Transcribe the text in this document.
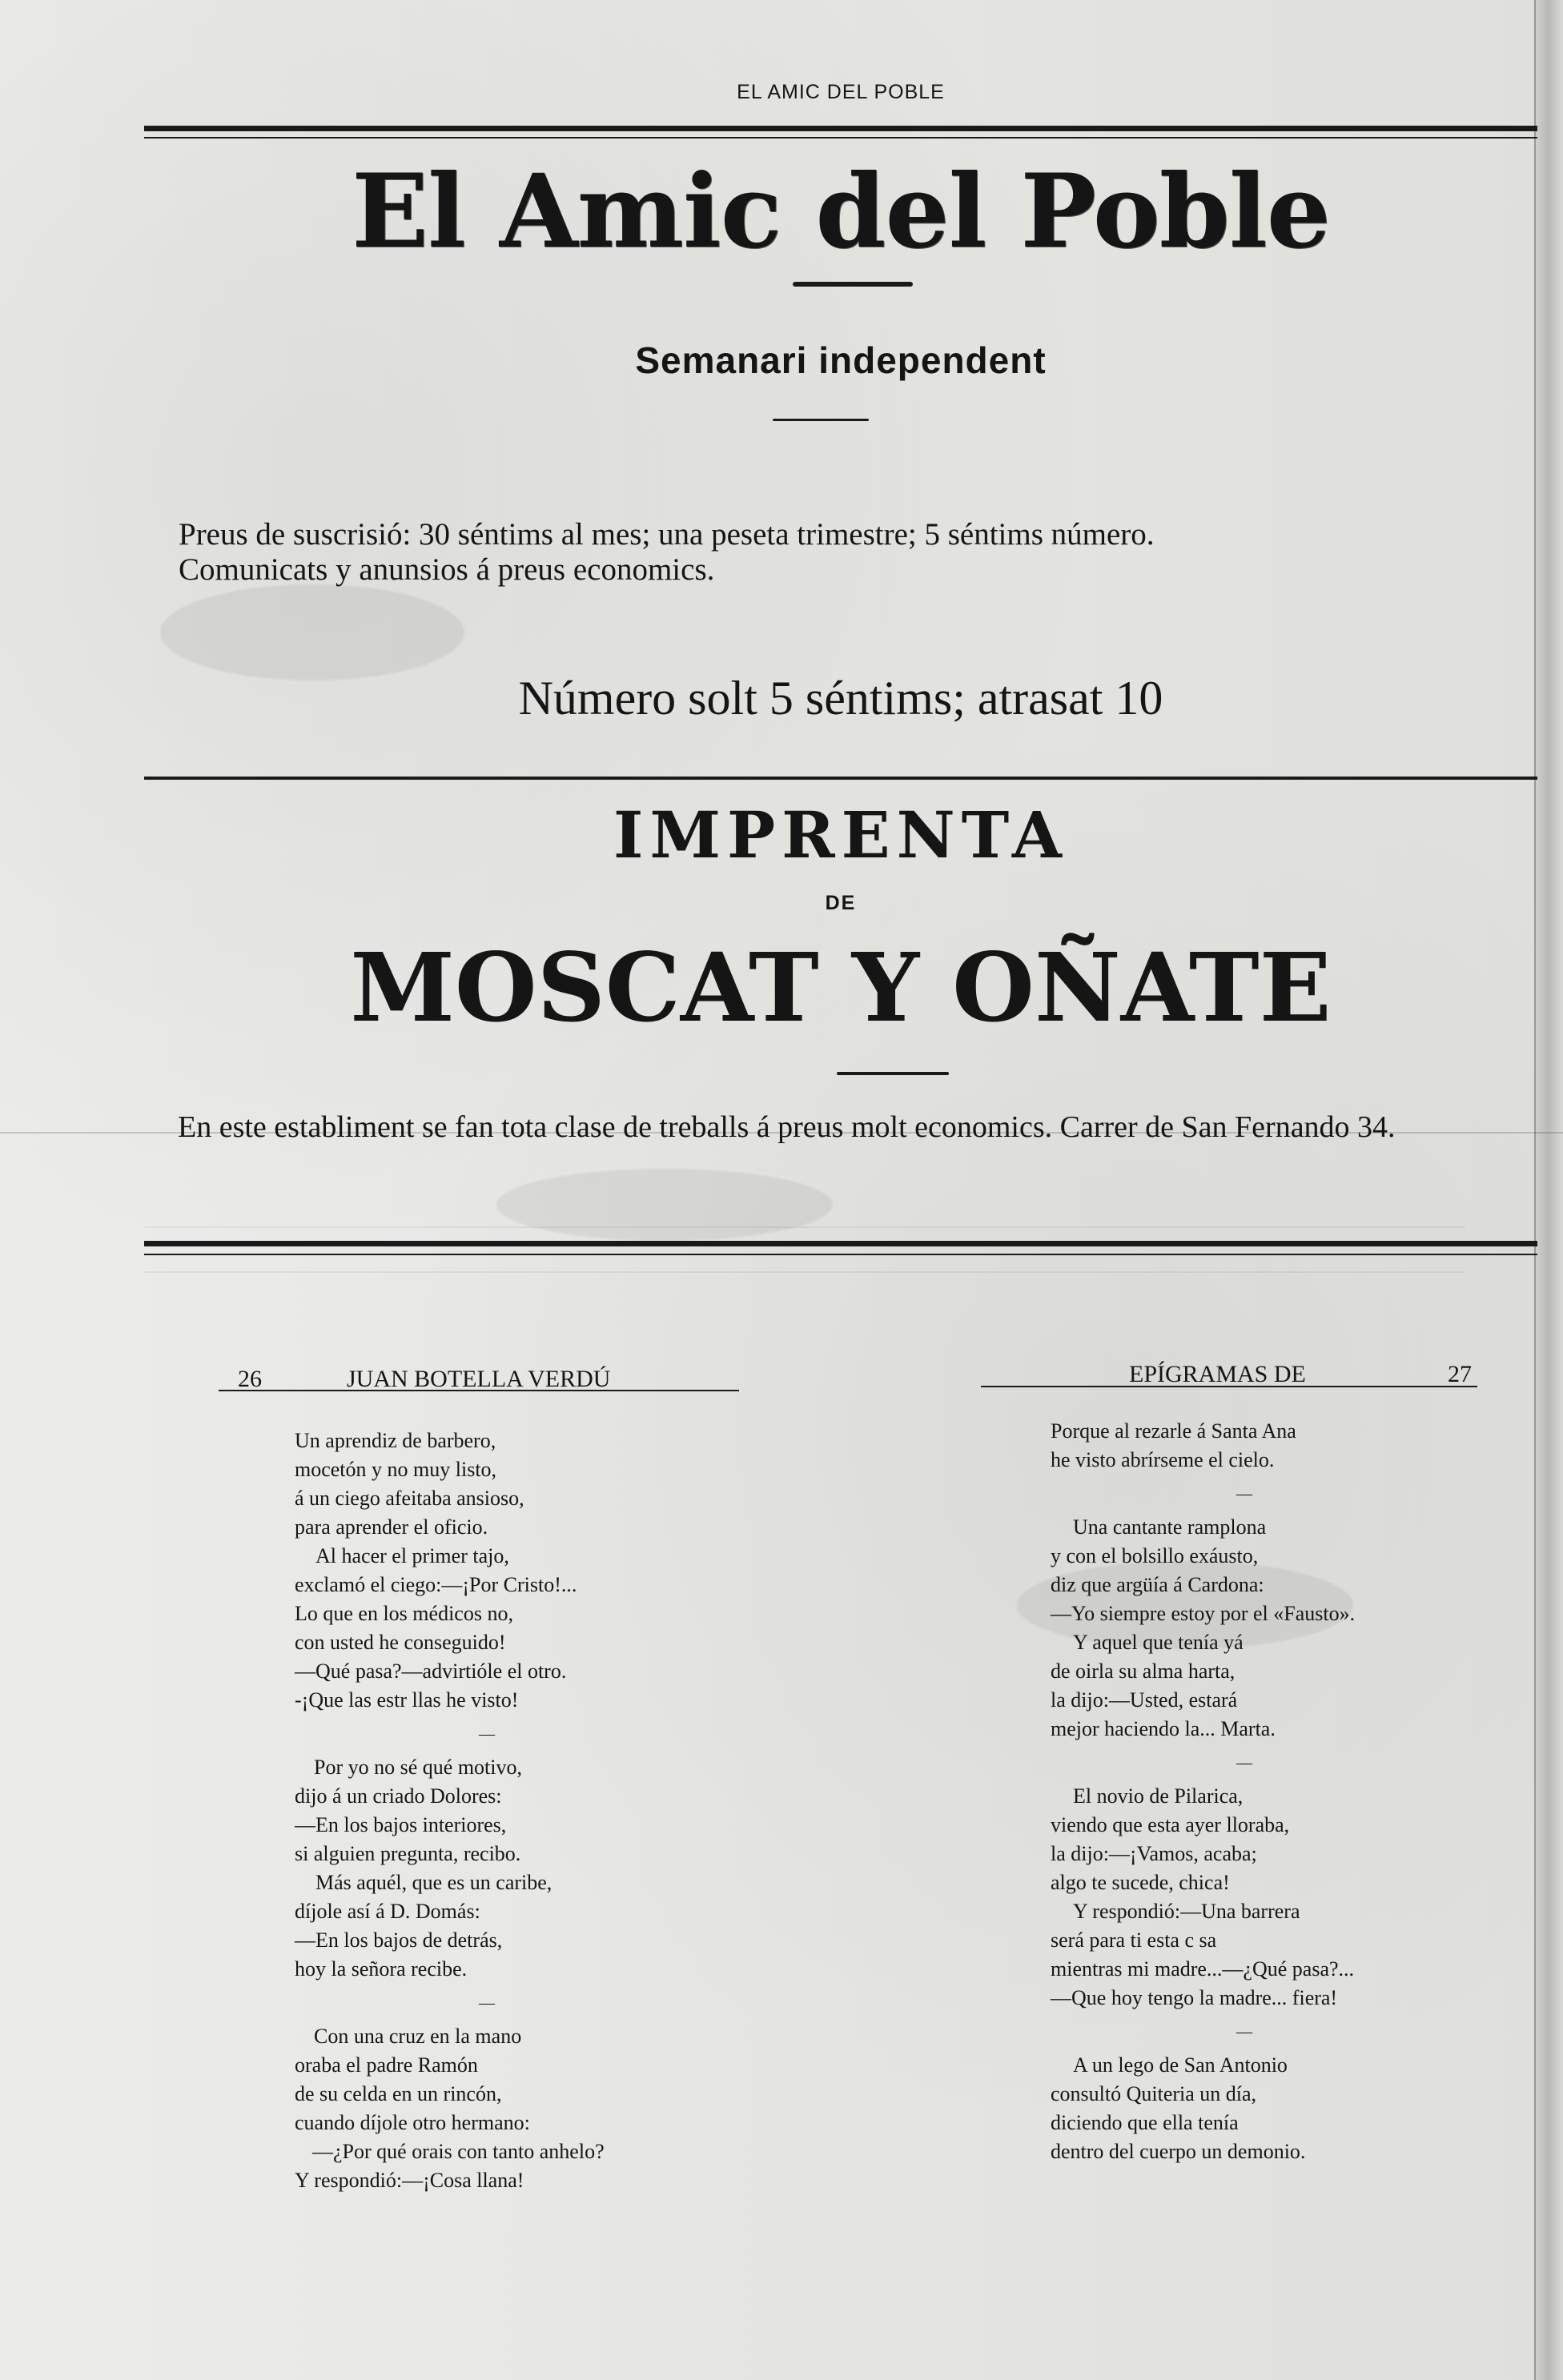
EL AMIC DEL POBLE
El Amic del Poble
Semanari independent
Preus de suscrisió: 30 séntims al mes; una peseta trimestre; 5 séntims número.
Comunicats y anunsios á preus economics.
Número solt 5 séntims; atrasat 10
IMPRENTA
DE
MOSCAT Y OÑATE
En este establiment se fan tota clase de treballs á preus molt economics. Carrer de San Fernando 34.
26	JUAN BOTELLA VERDÚ	EPÍGRAMAS DE	27
Un aprendiz de barbero,
mocetón y no muy listo,
á un ciego afeitaba ansioso,
para aprender el oficio.
Al hacer el primer tajo,
exclamó el ciego:—¡Por Cristo!...
Lo que en los médicos no,
con usted he conseguido!
—Qué pasa?—advirtióle el otro.
-¡Que las estr llas he visto!
—
Por yo no sé qué motivo,
dijo á un criado Dolores:
—En los bajos interiores,
si alguien pregunta, recibo.
Más aquél, que es un caribe,
díjole así á D. Domás:
—En los bajos de detrás,
hoy la señora recibe.
—
Con una cruz en la mano
oraba el padre Ramón
de su celda en un rincón,
cuando díjole otro hermano:
—¿Por qué orais con tanto anhelo?
Y respondió:—¡Cosa llana!
Porque al rezarle á Santa Ana
he visto abrírseme el cielo.
—
Una cantante ramplona
y con el bolsillo exáusto,
diz que argüía á Cardona:
—Yo siempre estoy por el «Fausto».
Y aquel que tenía yá
de oirla su alma harta,
la dijo:—Usted, estará
mejor haciendo la... Marta.
—
El novio de Pilarica,
viendo que esta ayer lloraba,
la dijo:—¡Vamos, acaba;
algo te sucede, chica!
Y respondió:—Una barrera
será para ti esta c sa
mientras mi madre...—¿Qué pasa?...
—Que hoy tengo la madre... fiera!
—
A un lego de San Antonio
consultó Quiteria un día,
diciendo que ella tenía
dentro del cuerpo un demonio.
